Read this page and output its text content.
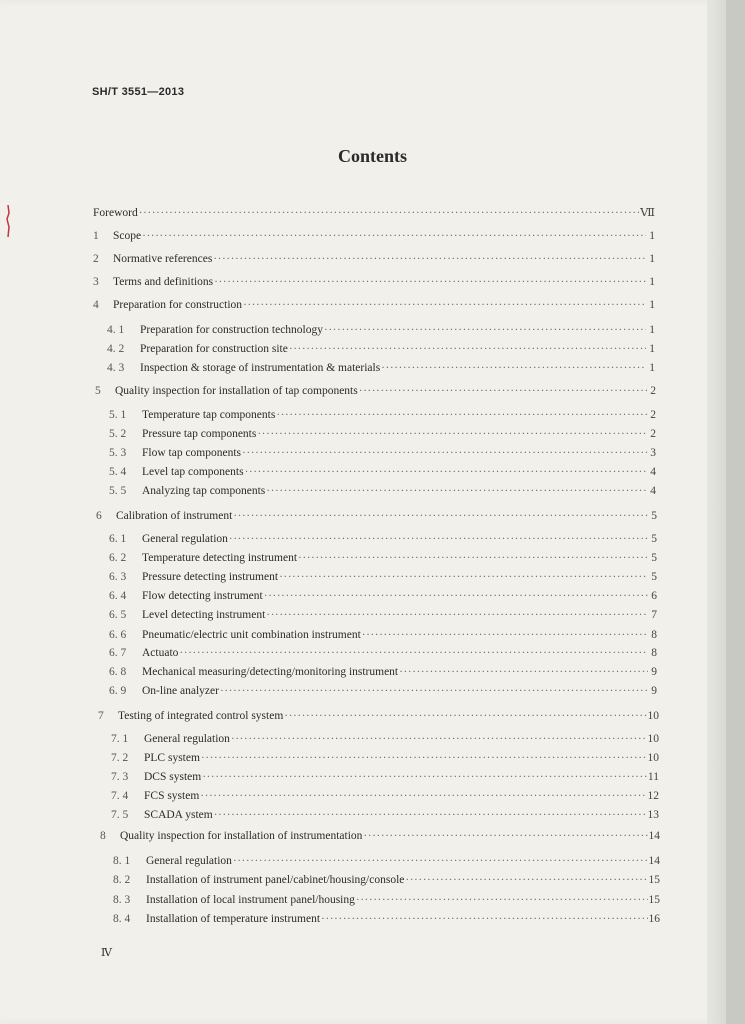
SH/T 3551—2013
Contents
Foreword ·····	Ⅶ
1	Scope ·····	1
2	Normative references ·····	1
3	Terms and definitions ·····	1
4	Preparation for construction ·····	1
4. 1	Preparation for construction technology ·····	1
4. 2	Preparation for construction site ·····	1
4. 3	Inspection & storage of instrumentation & materials ·····	1
5	Quality inspection for installation of tap components ·····	2
5. 1	Temperature tap components ·····	2
5. 2	Pressure tap components ·····	2
5. 3	Flow tap components ·····	3
5. 4	Level tap components ·····	4
5. 5	Analyzing tap components ·····	4
6	Calibration of instrument ·····	5
6. 1	General regulation ·····	5
6. 2	Temperature detecting instrument ·····	5
6. 3	Pressure detecting instrument ·····	5
6. 4	Flow detecting instrument ·····	6
6. 5	Level detecting instrument ·····	7
6. 6	Pneumatic/electric unit combination instrument ·····	8
6. 7	Actuato ·····	8
6. 8	Mechanical measuring/detecting/monitoring instrument ·····	9
6. 9	On-line analyzer ·····	9
7	Testing of integrated control system ·····	10
7. 1	General regulation ·····	10
7. 2	PLC system ·····	10
7. 3	DCS system ·····	11
7. 4	FCS system ·····	12
7. 5	SCADA ystem ·····	13
8	Quality inspection for installation of instrumentation ·····	14
8. 1	General regulation ·····	14
8. 2	Installation of instrument panel/cabinet/housing/console ·····	15
8. 3	Installation of local instrument panel/housing ·····	15
8. 4	Installation of temperature instrument ·····	16
Ⅳ
